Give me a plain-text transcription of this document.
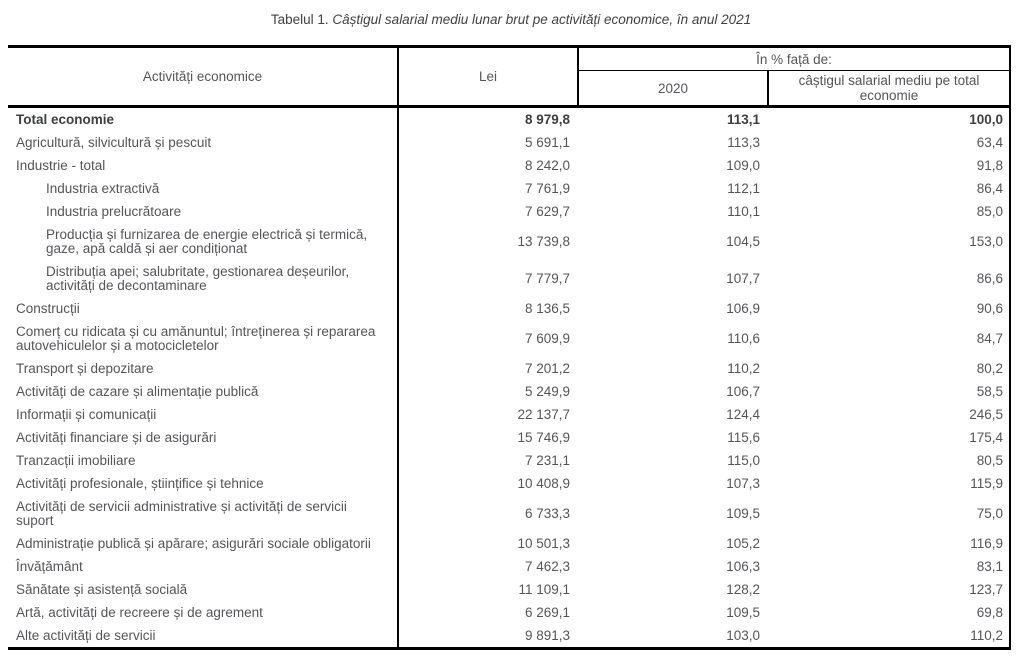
Tabelul 1. Câștigul salarial mediu lunar brut pe activități economice, în anul 2021
Activități economice	Lei	În % față de:	
		2020	câștigul salarial mediu pe total economie
Total economie	8 979,8	113,1	100,0
Agricultură, silvicultură și pescuit	5 691,1	113,3	63,4
Industrie - total	8 242,0	109,0	91,8
Industria extractivă	7 761,9	112,1	86,4
Industria prelucrătoare	7 629,7	110,1	85,0
Producția și furnizarea de energie electrică și termică, gaze, apă caldă și aer condiționat	13 739,8	104,5	153,0
Distribuția apei; salubritate, gestionarea deșeurilor, activități de decontaminare	7 779,7	107,7	86,6
Construcții	8 136,5	106,9	90,6
Comerț cu ridicata și cu amănuntul; întreținerea și repararea autovehiculelor și a motocicletelor	7 609,9	110,6	84,7
Transport și depozitare	7 201,2	110,2	80,2
Activități de cazare și alimentație publică	5 249,9	106,7	58,5
Informații și comunicații	22 137,7	124,4	246,5
Activități financiare și de asigurări	15 746,9	115,6	175,4
Tranzacții imobiliare	7 231,1	115,0	80,5
Activități profesionale, științifice și tehnice	10 408,9	107,3	115,9
Activități de servicii administrative și activități de servicii suport	6 733,3	109,5	75,0
Administrație publică și apărare; asigurări sociale obligatorii	10 501,3	105,2	116,9
Învățământ	7 462,3	106,3	83,1
Sănătate și asistență socială	11 109,1	128,2	123,7
Artă, activități de recreere și de agrement	6 269,1	109,5	69,8
Alte activități de servicii	9 891,3	103,0	110,2
